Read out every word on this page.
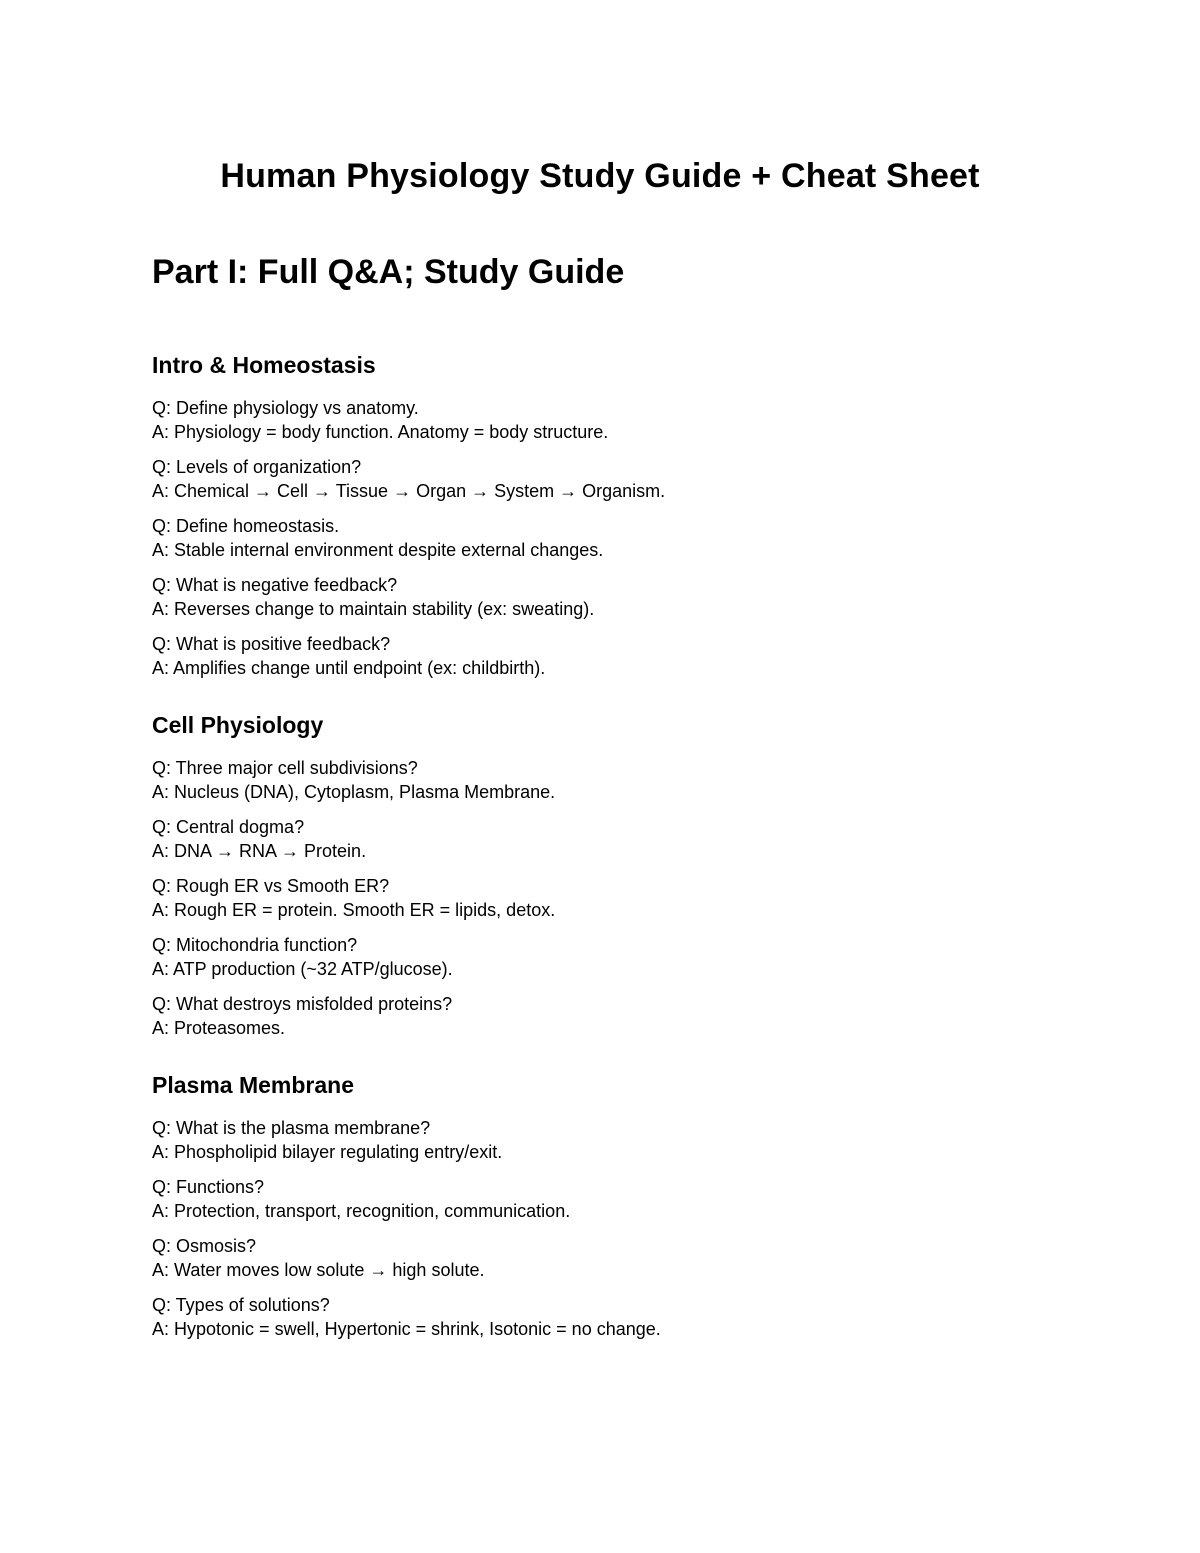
Human Physiology Study Guide + Cheat Sheet
Part I: Full Q&A; Study Guide
Intro & Homeostasis
Q: Define physiology vs anatomy.
A: Physiology = body function. Anatomy = body structure.
Q: Levels of organization?
A: Chemical → Cell → Tissue → Organ → System → Organism.
Q: Define homeostasis.
A: Stable internal environment despite external changes.
Q: What is negative feedback?
A: Reverses change to maintain stability (ex: sweating).
Q: What is positive feedback?
A: Amplifies change until endpoint (ex: childbirth).
Cell Physiology
Q: Three major cell subdivisions?
A: Nucleus (DNA), Cytoplasm, Plasma Membrane.
Q: Central dogma?
A: DNA → RNA → Protein.
Q: Rough ER vs Smooth ER?
A: Rough ER = protein. Smooth ER = lipids, detox.
Q: Mitochondria function?
A: ATP production (~32 ATP/glucose).
Q: What destroys misfolded proteins?
A: Proteasomes.
Plasma Membrane
Q: What is the plasma membrane?
A: Phospholipid bilayer regulating entry/exit.
Q: Functions?
A: Protection, transport, recognition, communication.
Q: Osmosis?
A: Water moves low solute → high solute.
Q: Types of solutions?
A: Hypotonic = swell, Hypertonic = shrink, Isotonic = no change.
